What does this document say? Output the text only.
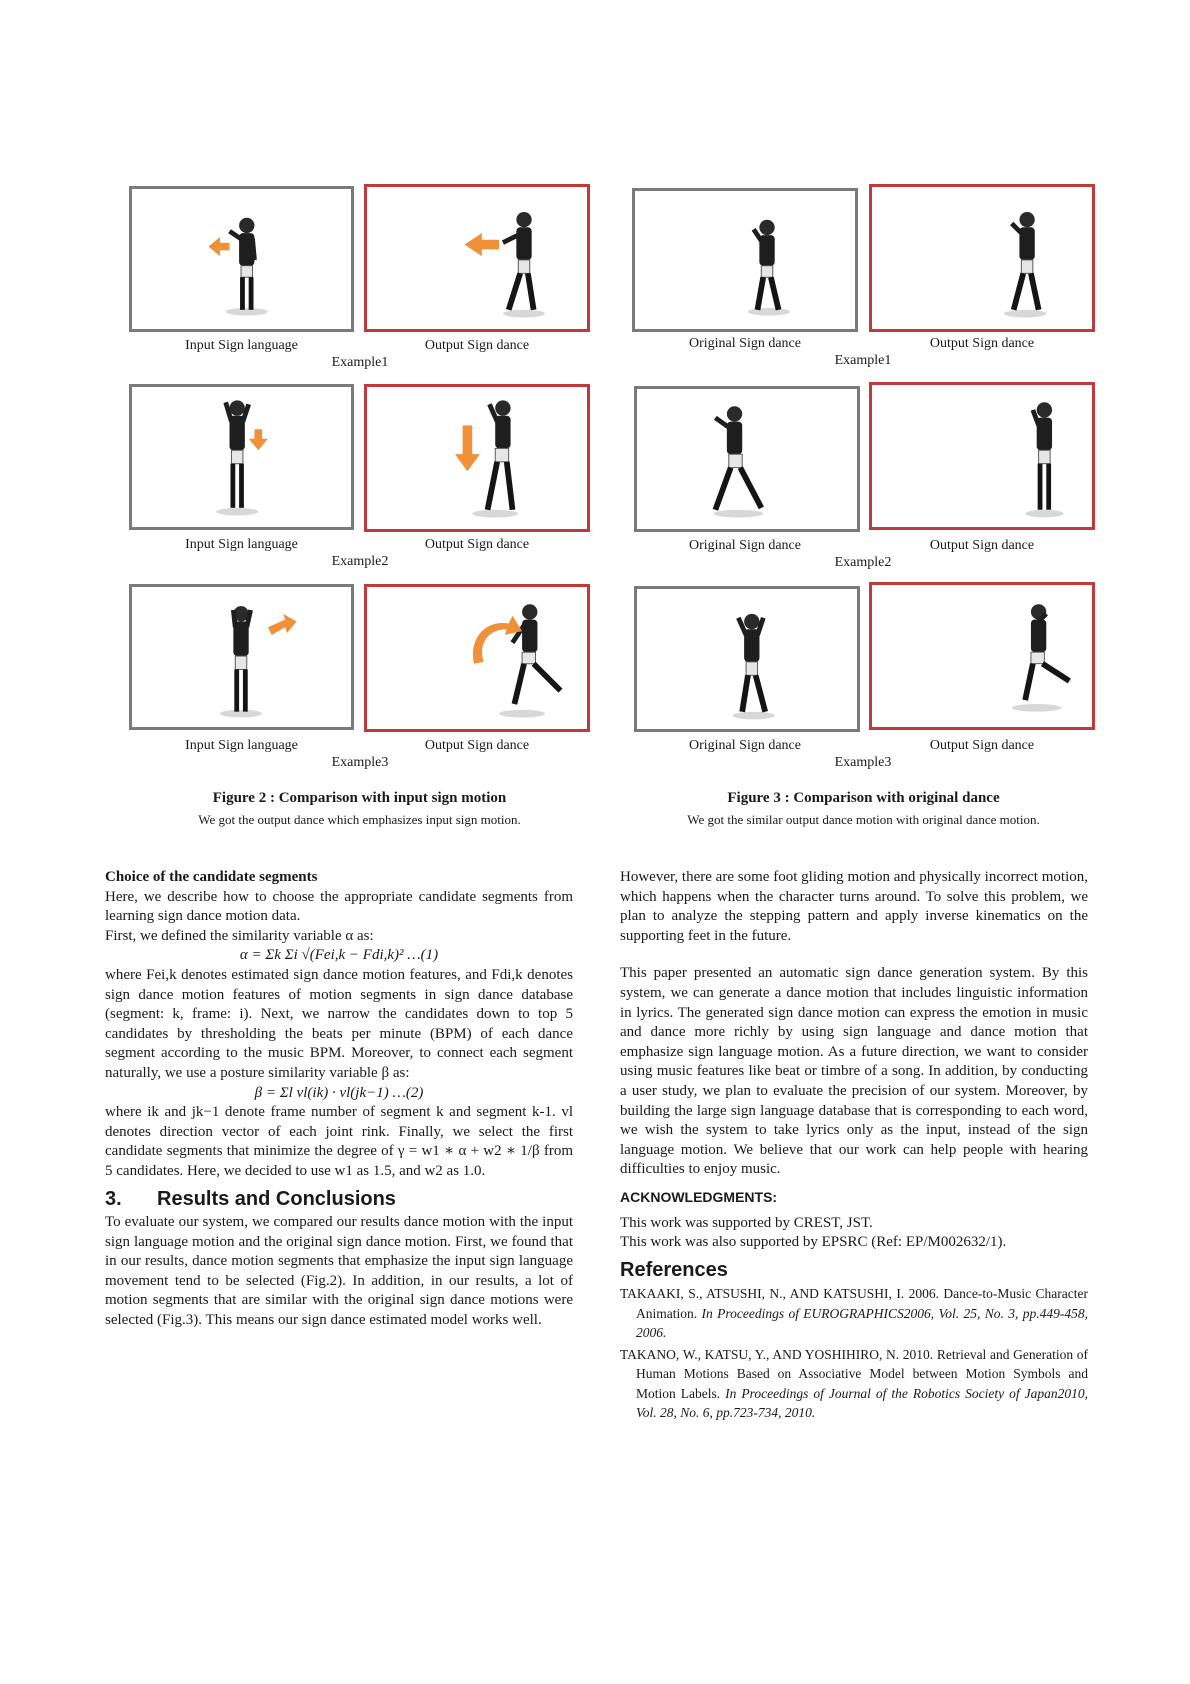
Input Sign language	Output Sign dance
Example1
Input Sign language	Output Sign dance
Example2
Input Sign language	Output Sign dance
Example3
Figure 2 : Comparison with input sign motion
We got the output dance which emphasizes input sign motion.
Original Sign dance	Output Sign dance
Example1
Original Sign dance	Output Sign dance
Example2
Original Sign dance	Output Sign dance
Example3
Figure 3 : Comparison with original dance
We got the similar output dance motion with original dance motion.

Choice of the candidate segments

Here, we describe how to choose the appropriate candidate segments from learning sign dance motion data.

First, we defined the similarity variable α as:

α = Σk Σi √(Fei,k − Fdi,k)² …(1)

where Fei,k denotes estimated sign dance motion features, and Fdi,k denotes sign dance motion features of motion segments in sign dance database (segment: k, frame: i). Next, we narrow the candidates down to top 5 candidates by thresholding the beats per minute (BPM) of each dance segment according to the music BPM. Moreover, to connect each segment naturally, we use a posture similarity variable β as:

β = Σl vl(ik) · vl(jk−1) …(2)

where ik and jk−1 denote frame number of segment k and segment k-1. vl denotes direction vector of each joint rink. Finally, we select the first candidate segments that minimize the degree of γ = w1 ∗ α + w2 ∗ 1/β from 5 candidates. Here, we decided to use w1 as 1.5, and w2 as 1.0.

3. Results and Conclusions

To evaluate our system, we compared our results dance motion with the input sign language motion and the original sign dance motion. First, we found that in our results, dance motion segments that emphasize the input sign language movement tend to be selected (Fig.2). In addition, in our results, a lot of motion segments that are similar with the original sign dance motions were selected (Fig.3). This means our sign dance estimated model works well.

However, there are some foot gliding motion and physically incorrect motion, which happens when the character turns around. To solve this problem, we plan to analyze the stepping pattern and apply inverse kinematics on the supporting feet in the future.

This paper presented an automatic sign dance generation system. By this system, we can generate a dance motion that includes linguistic information in lyrics. The generated sign dance motion can express the emotion in music and dance more richly by using sign language and dance motion that emphasize sign language motion. As a future direction, we want to consider using music features like beat or timbre of a song. In addition, by conducting a user study, we plan to evaluate the precision of our system. Moreover, by building the large sign language database that is corresponding to each word, we wish the system to take lyrics only as the input, instead of the sign language motion. We believe that our work can help people with hearing difficulties to enjoy music.

ACKNOWLEDGMENTS:

This work was supported by CREST, JST.

This work was also supported by EPSRC (Ref: EP/M002632/1).

References
TAKAAKI, S., ATSUSHI, N., AND KATSUSHI, I. 2006. Dance-to-Music Character Animation. In Proceedings of EUROGRAPHICS2006, Vol. 25, No. 3, pp.449-458, 2006.
TAKANO, W., KATSU, Y., AND YOSHIHIRO, N. 2010. Retrieval and Generation of Human Motions Based on Associative Model between Motion Symbols and Motion Labels. In Proceedings of Journal of the Robotics Society of Japan2010, Vol. 28, No. 6, pp.723-734, 2010.
